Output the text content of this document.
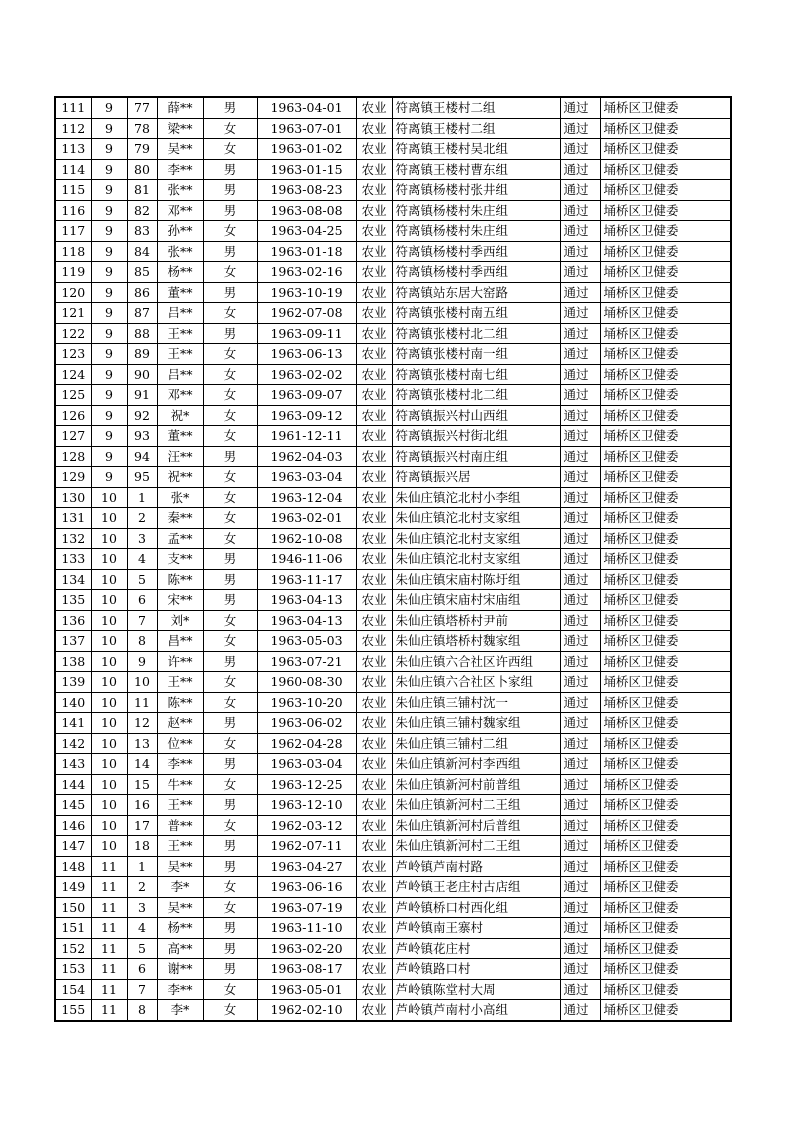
111	9	77	薛**	男	1963-04-01	农业	符离镇王楼村二组	通过	埇桥区卫健委
112	9	78	梁**	女	1963-07-01	农业	符离镇王楼村二组	通过	埇桥区卫健委
113	9	79	吴**	女	1963-01-02	农业	符离镇王楼村吴北组	通过	埇桥区卫健委
114	9	80	李**	男	1963-01-15	农业	符离镇王楼村曹东组	通过	埇桥区卫健委
115	9	81	张**	男	1963-08-23	农业	符离镇杨楼村张井组	通过	埇桥区卫健委
116	9	82	邓**	男	1963-08-08	农业	符离镇杨楼村朱庄组	通过	埇桥区卫健委
117	9	83	孙**	女	1963-04-25	农业	符离镇杨楼村朱庄组	通过	埇桥区卫健委
118	9	84	张**	男	1963-01-18	农业	符离镇杨楼村季西组	通过	埇桥区卫健委
119	9	85	杨**	女	1963-02-16	农业	符离镇杨楼村季西组	通过	埇桥区卫健委
120	9	86	董**	男	1963-10-19	农业	符离镇站东居大窑路	通过	埇桥区卫健委
121	9	87	吕**	女	1962-07-08	农业	符离镇张楼村南五组	通过	埇桥区卫健委
122	9	88	王**	男	1963-09-11	农业	符离镇张楼村北二组	通过	埇桥区卫健委
123	9	89	王**	女	1963-06-13	农业	符离镇张楼村南一组	通过	埇桥区卫健委
124	9	90	吕**	女	1963-02-02	农业	符离镇张楼村南七组	通过	埇桥区卫健委
125	9	91	邓**	女	1963-09-07	农业	符离镇张楼村北二组	通过	埇桥区卫健委
126	9	92	祝*	女	1963-09-12	农业	符离镇振兴村山西组	通过	埇桥区卫健委
127	9	93	董**	女	1961-12-11	农业	符离镇振兴村街北组	通过	埇桥区卫健委
128	9	94	汪**	男	1962-04-03	农业	符离镇振兴村南庄组	通过	埇桥区卫健委
129	9	95	祝**	女	1963-03-04	农业	符离镇振兴居	通过	埇桥区卫健委
130	10	1	张*	女	1963-12-04	农业	朱仙庄镇沱北村小李组	通过	埇桥区卫健委
131	10	2	秦**	女	1963-02-01	农业	朱仙庄镇沱北村支家组	通过	埇桥区卫健委
132	10	3	孟**	女	1962-10-08	农业	朱仙庄镇沱北村支家组	通过	埇桥区卫健委
133	10	4	支**	男	1946-11-06	农业	朱仙庄镇沱北村支家组	通过	埇桥区卫健委
134	10	5	陈**	男	1963-11-17	农业	朱仙庄镇宋庙村陈圩组	通过	埇桥区卫健委
135	10	6	宋**	男	1963-04-13	农业	朱仙庄镇宋庙村宋庙组	通过	埇桥区卫健委
136	10	7	刘*	女	1963-04-13	农业	朱仙庄镇塔桥村尹前	通过	埇桥区卫健委
137	10	8	昌**	女	1963-05-03	农业	朱仙庄镇塔桥村魏家组	通过	埇桥区卫健委
138	10	9	许**	男	1963-07-21	农业	朱仙庄镇六合社区许西组	通过	埇桥区卫健委
139	10	10	王**	女	1960-08-30	农业	朱仙庄镇六合社区卜家组	通过	埇桥区卫健委
140	10	11	陈**	女	1963-10-20	农业	朱仙庄镇三铺村沈一	通过	埇桥区卫健委
141	10	12	赵**	男	1963-06-02	农业	朱仙庄镇三铺村魏家组	通过	埇桥区卫健委
142	10	13	位**	女	1962-04-28	农业	朱仙庄镇三铺村二组	通过	埇桥区卫健委
143	10	14	李**	男	1963-03-04	农业	朱仙庄镇新河村李西组	通过	埇桥区卫健委
144	10	15	牛**	女	1963-12-25	农业	朱仙庄镇新河村前普组	通过	埇桥区卫健委
145	10	16	王**	男	1963-12-10	农业	朱仙庄镇新河村二王组	通过	埇桥区卫健委
146	10	17	普**	女	1962-03-12	农业	朱仙庄镇新河村后普组	通过	埇桥区卫健委
147	10	18	王**	男	1962-07-11	农业	朱仙庄镇新河村二王组	通过	埇桥区卫健委
148	11	1	吴**	男	1963-04-27	农业	芦岭镇芦南村路	通过	埇桥区卫健委
149	11	2	李*	女	1963-06-16	农业	芦岭镇王老庄村古店组	通过	埇桥区卫健委
150	11	3	吴**	女	1963-07-19	农业	芦岭镇桥口村西化组	通过	埇桥区卫健委
151	11	4	杨**	男	1963-11-10	农业	芦岭镇南王寨村	通过	埇桥区卫健委
152	11	5	高**	男	1963-02-20	农业	芦岭镇花庄村	通过	埇桥区卫健委
153	11	6	谢**	男	1963-08-17	农业	芦岭镇路口村	通过	埇桥区卫健委
154	11	7	李**	女	1963-05-01	农业	芦岭镇陈堂村大周	通过	埇桥区卫健委
155	11	8	李*	女	1962-02-10	农业	芦岭镇芦南村小高组	通过	埇桥区卫健委
